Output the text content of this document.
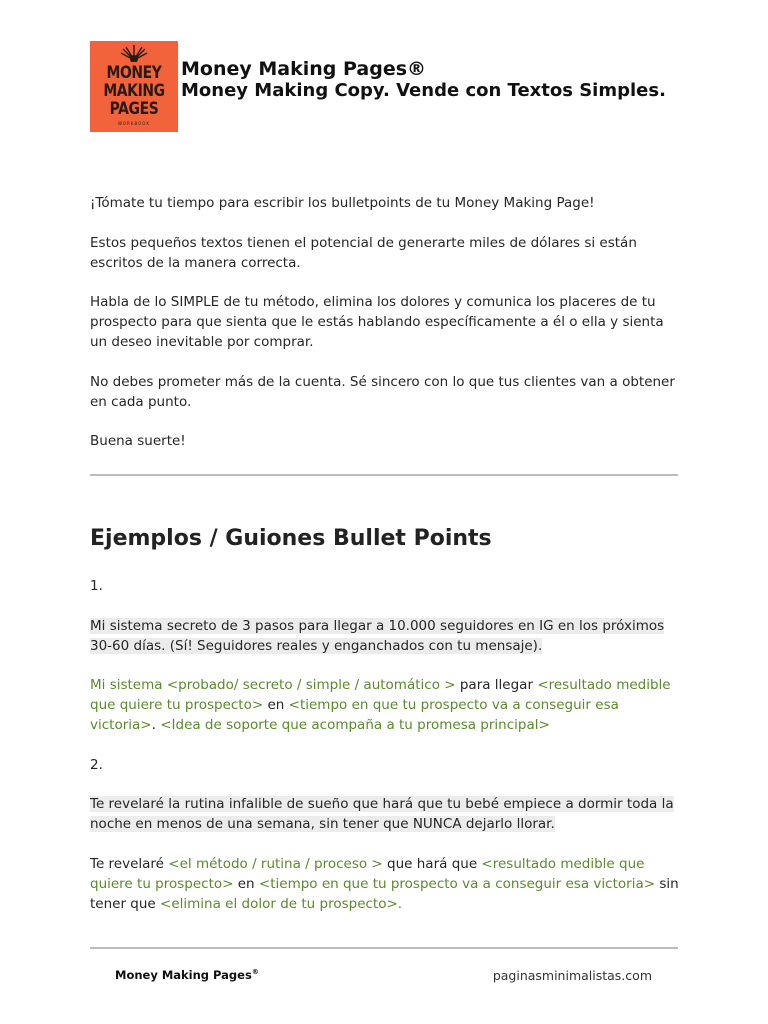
MONEY
MAKING
PAGES
WORKBOOK
Money Making Pages®
Money Making Copy. Vende con Textos Simples.

¡Tómate tu tiempo para escribir los bulletpoints de tu Money Making Page!

Estos pequeños textos tienen el potencial de generarte miles de dólares si están escritos de la manera correcta.

Habla de lo SIMPLE de tu método, elimina los dolores y comunica los placeres de tu prospecto para que sienta que le estás hablando específicamente a él o ella y sienta un deseo inevitable por comprar.

No debes prometer más de la cuenta. Sé sincero con lo que tus clientes van a obtener en cada punto.

Buena suerte!

Ejemplos / Guiones Bullet Points

1.

Mi sistema secreto de 3 pasos para llegar a 10.000 seguidores en IG en los próximos 30-60 días. (Sí! Seguidores reales y enganchados con tu mensaje).

Mi sistema <probado/ secreto / simple / automático > para llegar <resultado medible que quiere tu prospecto> en <tiempo en que tu prospecto va a conseguir esa victoria>. <Idea de soporte que acompaña a tu promesa principal>

2.

Te revelaré la rutina infalible de sueño que hará que tu bebé empiece a dormir toda la noche en menos de una semana, sin tener que NUNCA dejarlo llorar.

Te revelaré <el método / rutina / proceso > que hará que <resultado medible que quiere tu prospecto> en <tiempo en que tu prospecto va a conseguir esa victoria> sin tener que <elimina el dolor de tu prospecto>.

Money Making Pages®	paginasminimalistas.com
